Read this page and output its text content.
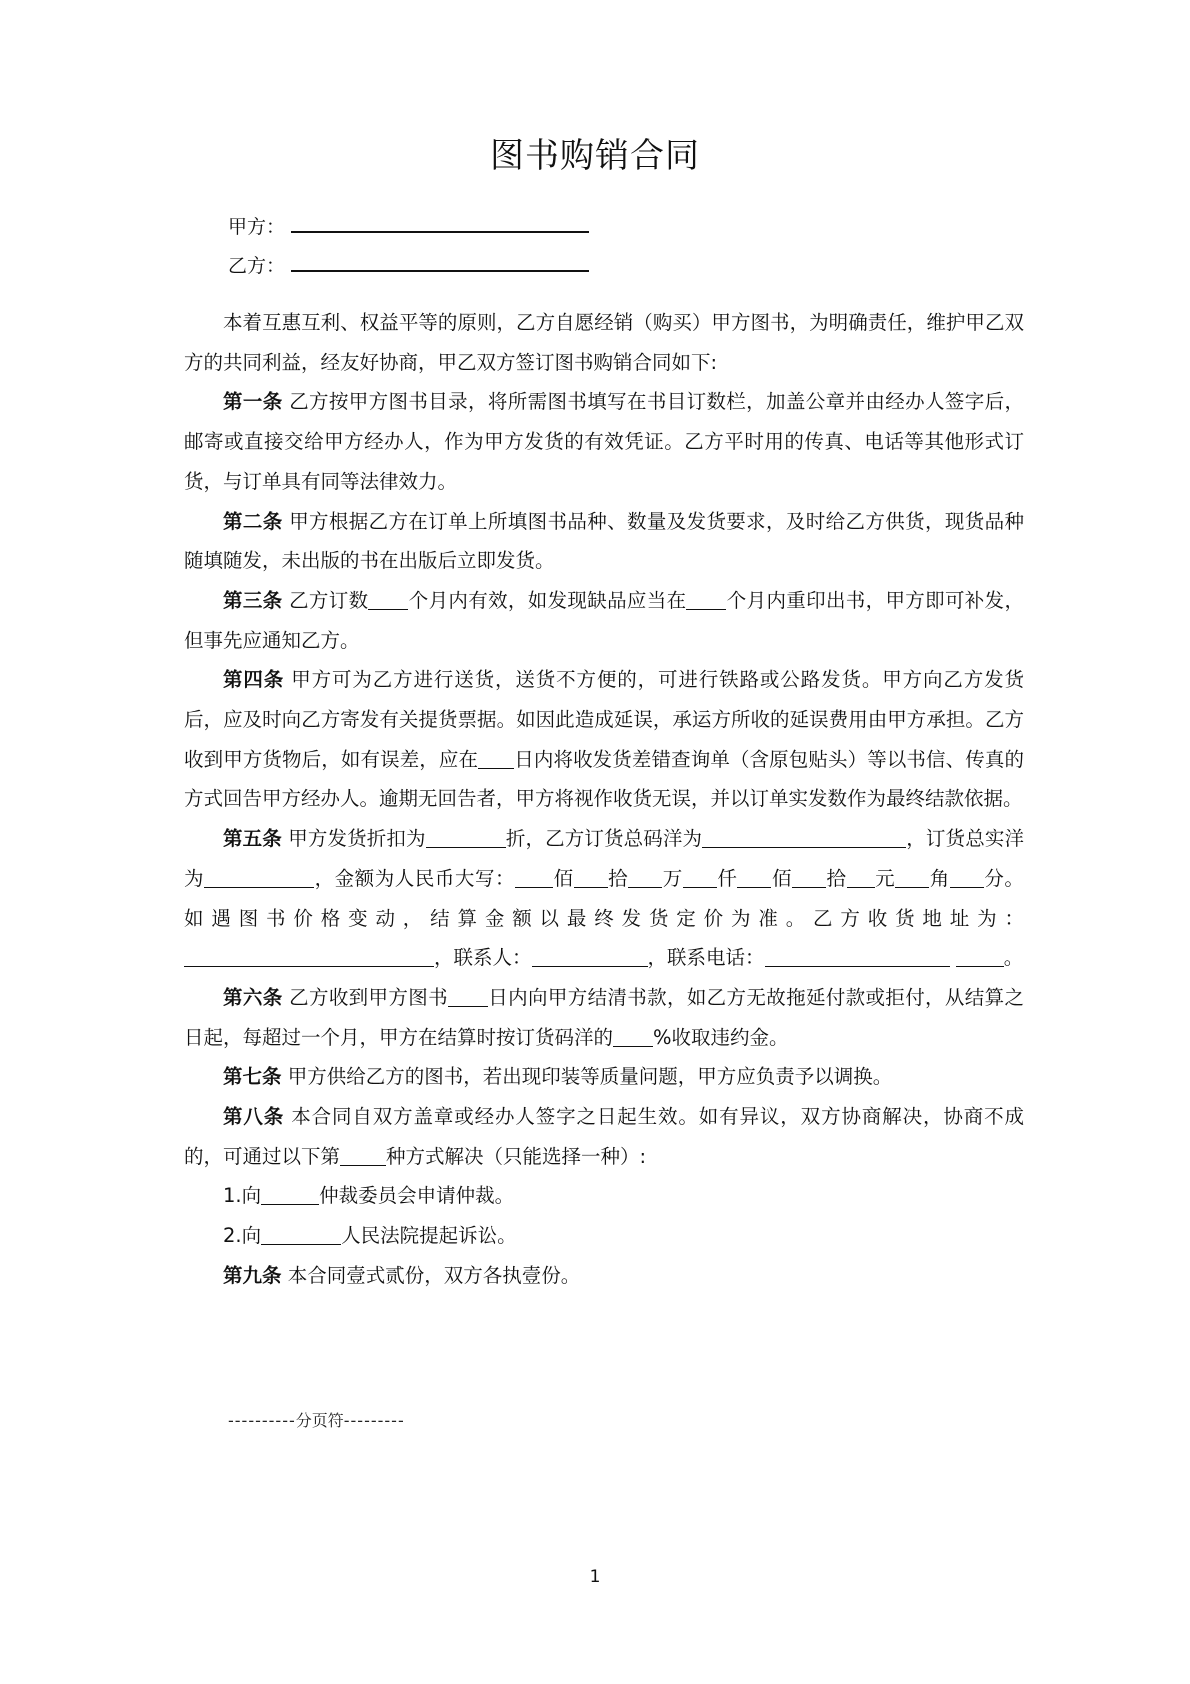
图书购销合同
甲方：
乙方：

本着互惠互利、权益平等的原则，乙方自愿经销（购买）甲方图书，为明确责任，维护甲乙双方的共同利益，经友好协商，甲乙双方签订图书购销合同如下:

第一条 乙方按甲方图书目录，将所需图书填写在书目订数栏，加盖公章并由经办人签字后，邮寄或直接交给甲方经办人，作为甲方发货的有效凭证。乙方平时用的传真、电话等其他形式订货，与订单具有同等法律效力。

第二条 甲方根据乙方在订单上所填图书品种、数量及发货要求，及时给乙方供货，现货品种随填随发，未出版的书在出版后立即发货。

第三条 乙方订数 个月内有效，如发现缺品应当在 个月内重印出书，甲方即可补发，但事先应通知乙方。

第四条 甲方可为乙方进行送货，送货不方便的，可进行铁路或公路发货。甲方向乙方发货后，应及时向乙方寄发有关提货票据。如因此造成延误，承运方所收的延误费用由甲方承担。乙方收到甲方货物后，如有误差，应在 日内将收发货差错查询单（含原包贴头）等以书信、传真的方式回告甲方经办人。逾期无回告者，甲方将视作收货无误，并以订单实发数作为最终结款依据。

第五条 甲方发货折扣为	折，乙方订货总码洋为	，订货总实洋为	，金额为人民币大写： 佰 拾 万 仟 佰 拾 元 角 分。如遇图书价格变动，结算金额以最终发货定价为准。乙方收货地址为：，联系人：	，联系电话：	。

第六条 乙方收到甲方图书 日内向甲方结清书款，如乙方无故拖延付款或拒付，从结算之日起，每超过一个月，甲方在结算时按订货码洋的 %收取违约金。

第七条 甲方供给乙方的图书，若出现印装等质量问题，甲方应负责予以调换。

第八条 本合同自双方盖章或经办人签字之日起生效。如有异议，双方协商解决，协商不成的，可通过以下第 种方式解决（只能选择一种）:

1.向	仲裁委员会申请仲裁。

2.向	人民法院提起诉讼。

第九条 本合同壹式贰份，双方各执壹份。

----------分页符---------
1
